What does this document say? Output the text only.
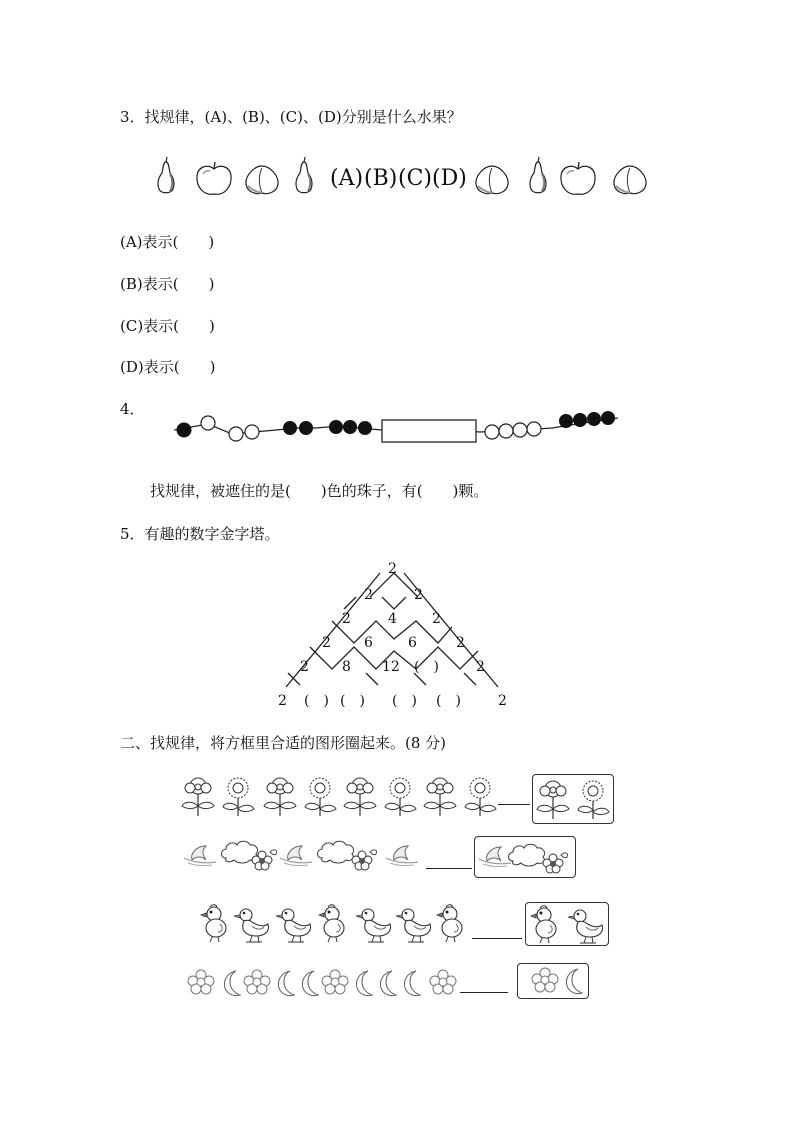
3．找规律，(A)、(B)、(C)、(D)分别是什么水果？
(A) (B) (C) (D)
(A)表示(　　)
(B)表示(　　)
(C)表示(　　)
(D)表示(　　)
4．
找规律，被遮住的是(　　)色的珠子，有(　　)颗。
5．有趣的数字金字塔。
2
2	2
2	4	2
2 6	6	2
2 8 12 (　)	2
2 (　) (　) (　) (　)	2
二、找规律，将方框里合适的图形圈起来。(8 分)
